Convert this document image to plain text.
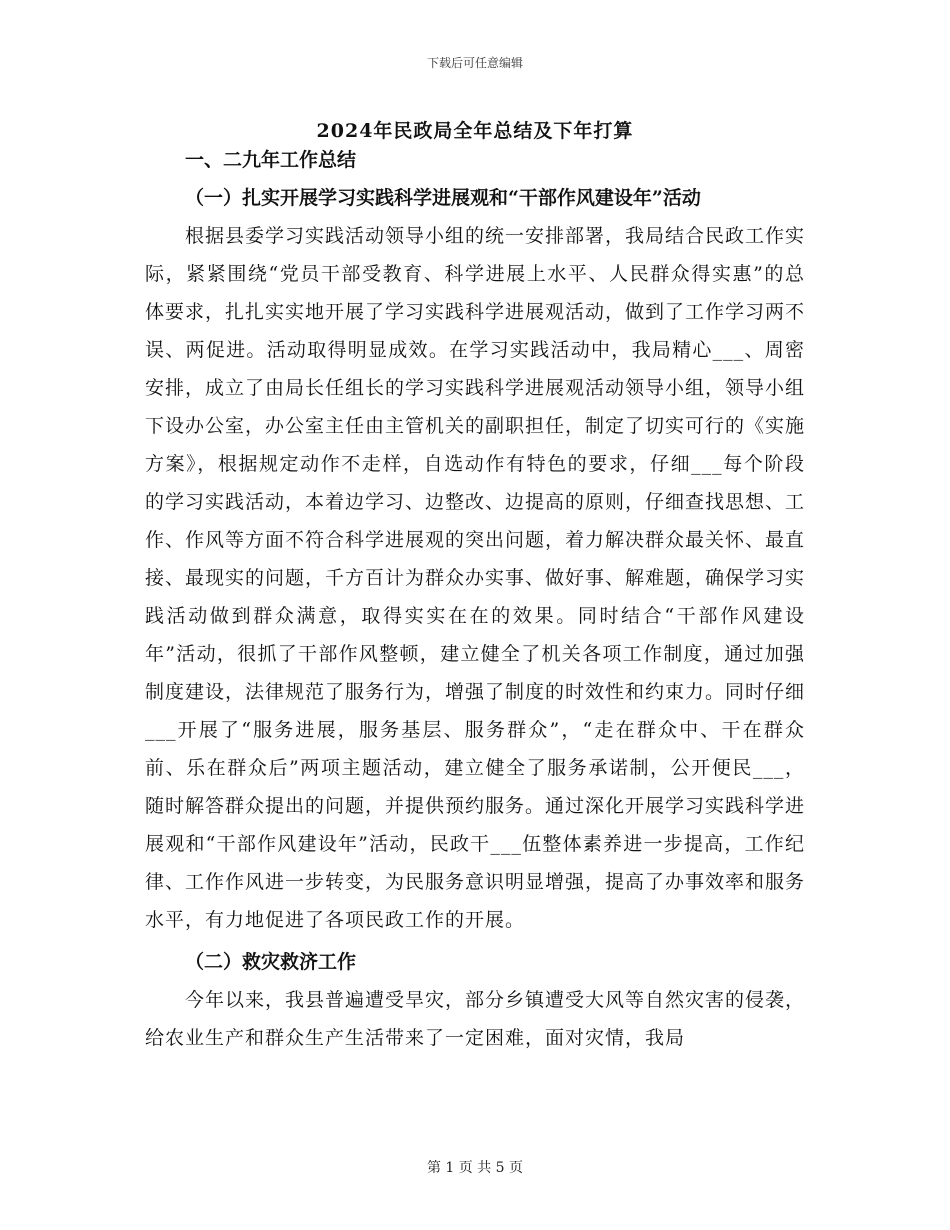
下载后可任意编辑
2024年民政局全年总结及下年打算
一、二九年工作总结
（一）扎实开展学习实践科学进展观和“干部作风建设年”活动

根据县委学习实践活动领导小组的统一安排部署，我局结合民政工作实际，紧紧围绕“党员干部受教育、科学进展上水平、人民群众得实惠”的总体要求，扎扎实实地开展了学习实践科学进展观活动，做到了工作学习两不误、两促进。活动取得明显成效。在学习实践活动中，我局精心___、周密安排，成立了由局长任组长的学习实践科学进展观活动领导小组，领导小组下设办公室，办公室主任由主管机关的副职担任，制定了切实可行的《实施方案》，根据规定动作不走样，自选动作有特色的要求，仔细___每个阶段的学习实践活动，本着边学习、边整改、边提高的原则，仔细查找思想、工作、作风等方面不符合科学进展观的突出问题，着力解决群众最关怀、最直接、最现实的问题，千方百计为群众办实事、做好事、解难题，确保学习实践活动做到群众满意，取得实实在在的效果。同时结合“干部作风建设年”活动，很抓了干部作风整顿，建立健全了机关各项工作制度，通过加强制度建设，法律规范了服务行为，增强了制度的时效性和约束力。同时仔细___开展了“服务进展，服务基层、服务群众”，“走在群众中、干在群众前、乐在群众后”两项主题活动，建立健全了服务承诺制，公开便民___，随时解答群众提出的问题，并提供预约服务。通过深化开展学习实践科学进展观和“干部作风建设年”活动，民政干___伍整体素养进一步提高，工作纪律、工作作风进一步转变，为民服务意识明显增强，提高了办事效率和服务水平，有力地促进了各项民政工作的开展。

（二）救灾救济工作

今年以来，我县普遍遭受旱灾，部分乡镇遭受大风等自然灾害的侵袭，给农业生产和群众生产生活带来了一定困难，面对灾情，我局

第 1 页 共 5 页
